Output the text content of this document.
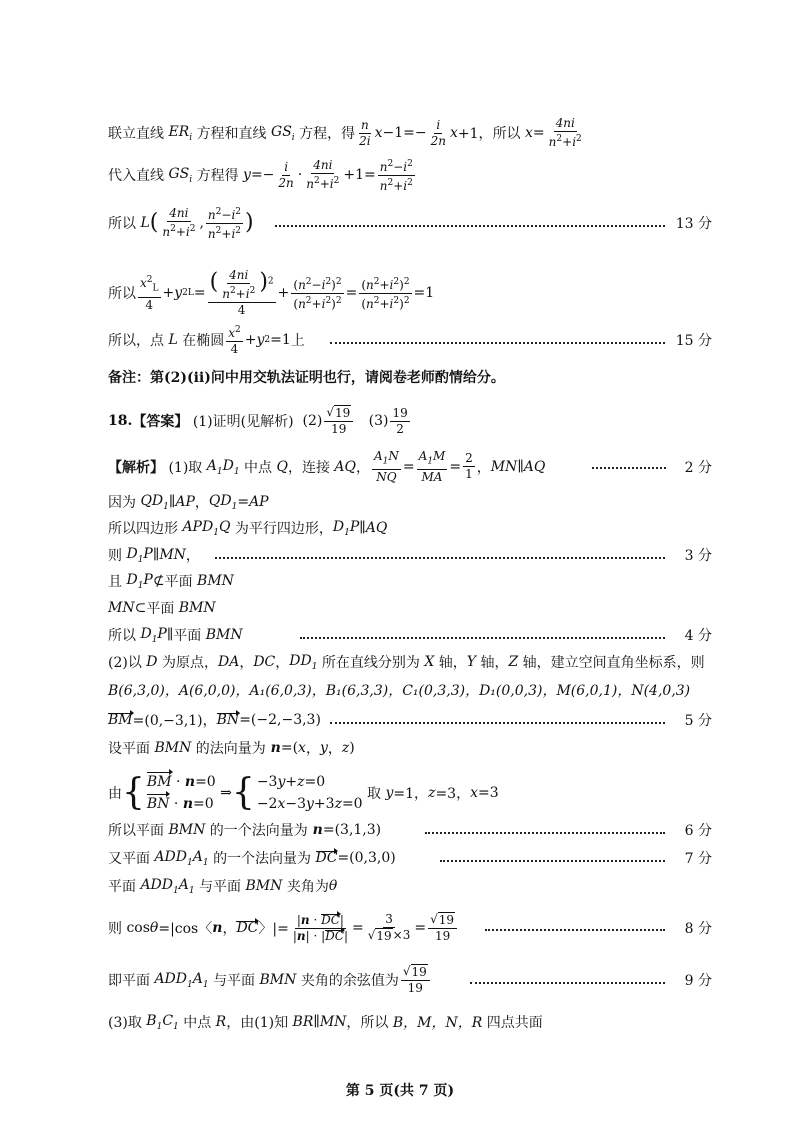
联立直线 $ER_i$ 方程和直线 $GS_i$ 方程，得 $\frac{n}{2i}$ $x -1=- \frac{i}{2n}$ x +1， 所以
$x = \frac{4ni}{n^2+i^2}$
代入直线 $GS_i$ 方程得
$y =- \frac{i}{2n} \cdot \frac{4ni}{n^2+i^2} +1= \frac{n^2-i^2}{n^2+i^2}$
所以
L ( $\frac{4ni}{n^2+i^2}$ , $\frac{n^2-i^2}{n^2+i^2}$ )	13 分
所以 $\frac{x^2_L}{4} + y$ 2 $L = \frac{( \frac{4ni}{n^2+i^2} )^2}{4} + \frac{(n^2-i^2)^2}{(n^2+i^2)^2} = \frac{(n^2+i^2)^2}{(n^2+i^2)^2} =1$
所以，点 L 在椭圆 $\frac{x^2}{4} + y$ 2 =1 上	15 分
备注：第(2)(ⅱ)问中用交轨法证明也行，请阅卷老师酌情给分。
18. 【答案】
(1)证明(见解析)
$(2) \frac{√ 19}{19}$
$(3) \frac{19}{2}$
【解析】
(1)取 $A_1D_1$ 中点 Q ，连接 AQ ， $\frac{A_1N}{NQ} = \frac{A_1M}{MA} = \frac{2}{1}$ ， MN ∥ AQ	2 分
因为
$QD_1$ ∥ AP ， $QD_1$ = AP
所以四边形 $APD_1Q$ 为平行四边形， $D_1P$ ∥ AQ
则
$D_1P$ ∥ MN ，	3 分
且
$D_1P$ ⊄ 平面 BMN
MN ⊂ 平面 BMN
所以
$D_1P$ ∥ 平面 BMN	4 分
(2)以 D 为原点， DA ， DC ， $DD_1$
所在直线分别为 X 轴， Y 轴， Z 轴，建立空间直角坐标系，则
B(6,3,0)，A(6,0,0)，A₁(6,0,3)，B₁(6,3,3)，C₁(0,3,3)，D₁(0,0,3)，M(6,0,1)，N(4,0,3)
BM =(0,−3,1)， BN =(−2,−3,3)	5 分
设平面 BMN 的法向量为 n =( x ， y ， z )
由 { BM · n=0
BN · n=0
⇒ { −3y+z=0
−2x−3y+3z=0

取
y =1， z =3， x =3
所以平面 BMN 的一个法向量为 n =(3,1,3)	6 分
又平面 $ADD_1A_1$ 的一个法向量为
DC =(0,3,0)	7 分
平面 $ADD_1A_1$ 与平面 BMN 夹角为 θ
则 cos θ =|cos〈 n ， DC 〉|= $\frac{|n \cdot DC|}{|n| \cdot |DC|} = \frac{3}{√ 19 \times 3} = \frac{√ 19}{19}$	8 分
即平面 $ADD_1A_1$ 与平面 BMN 夹角的余弦值为 $\frac{√ 19}{19}$	9 分
(3)取 $B_1C_1$ 中点 R ，由(1)知 BR ∥ MN ，所以 B，M，N，R 四点共面
第 5 页(共 7 页)
